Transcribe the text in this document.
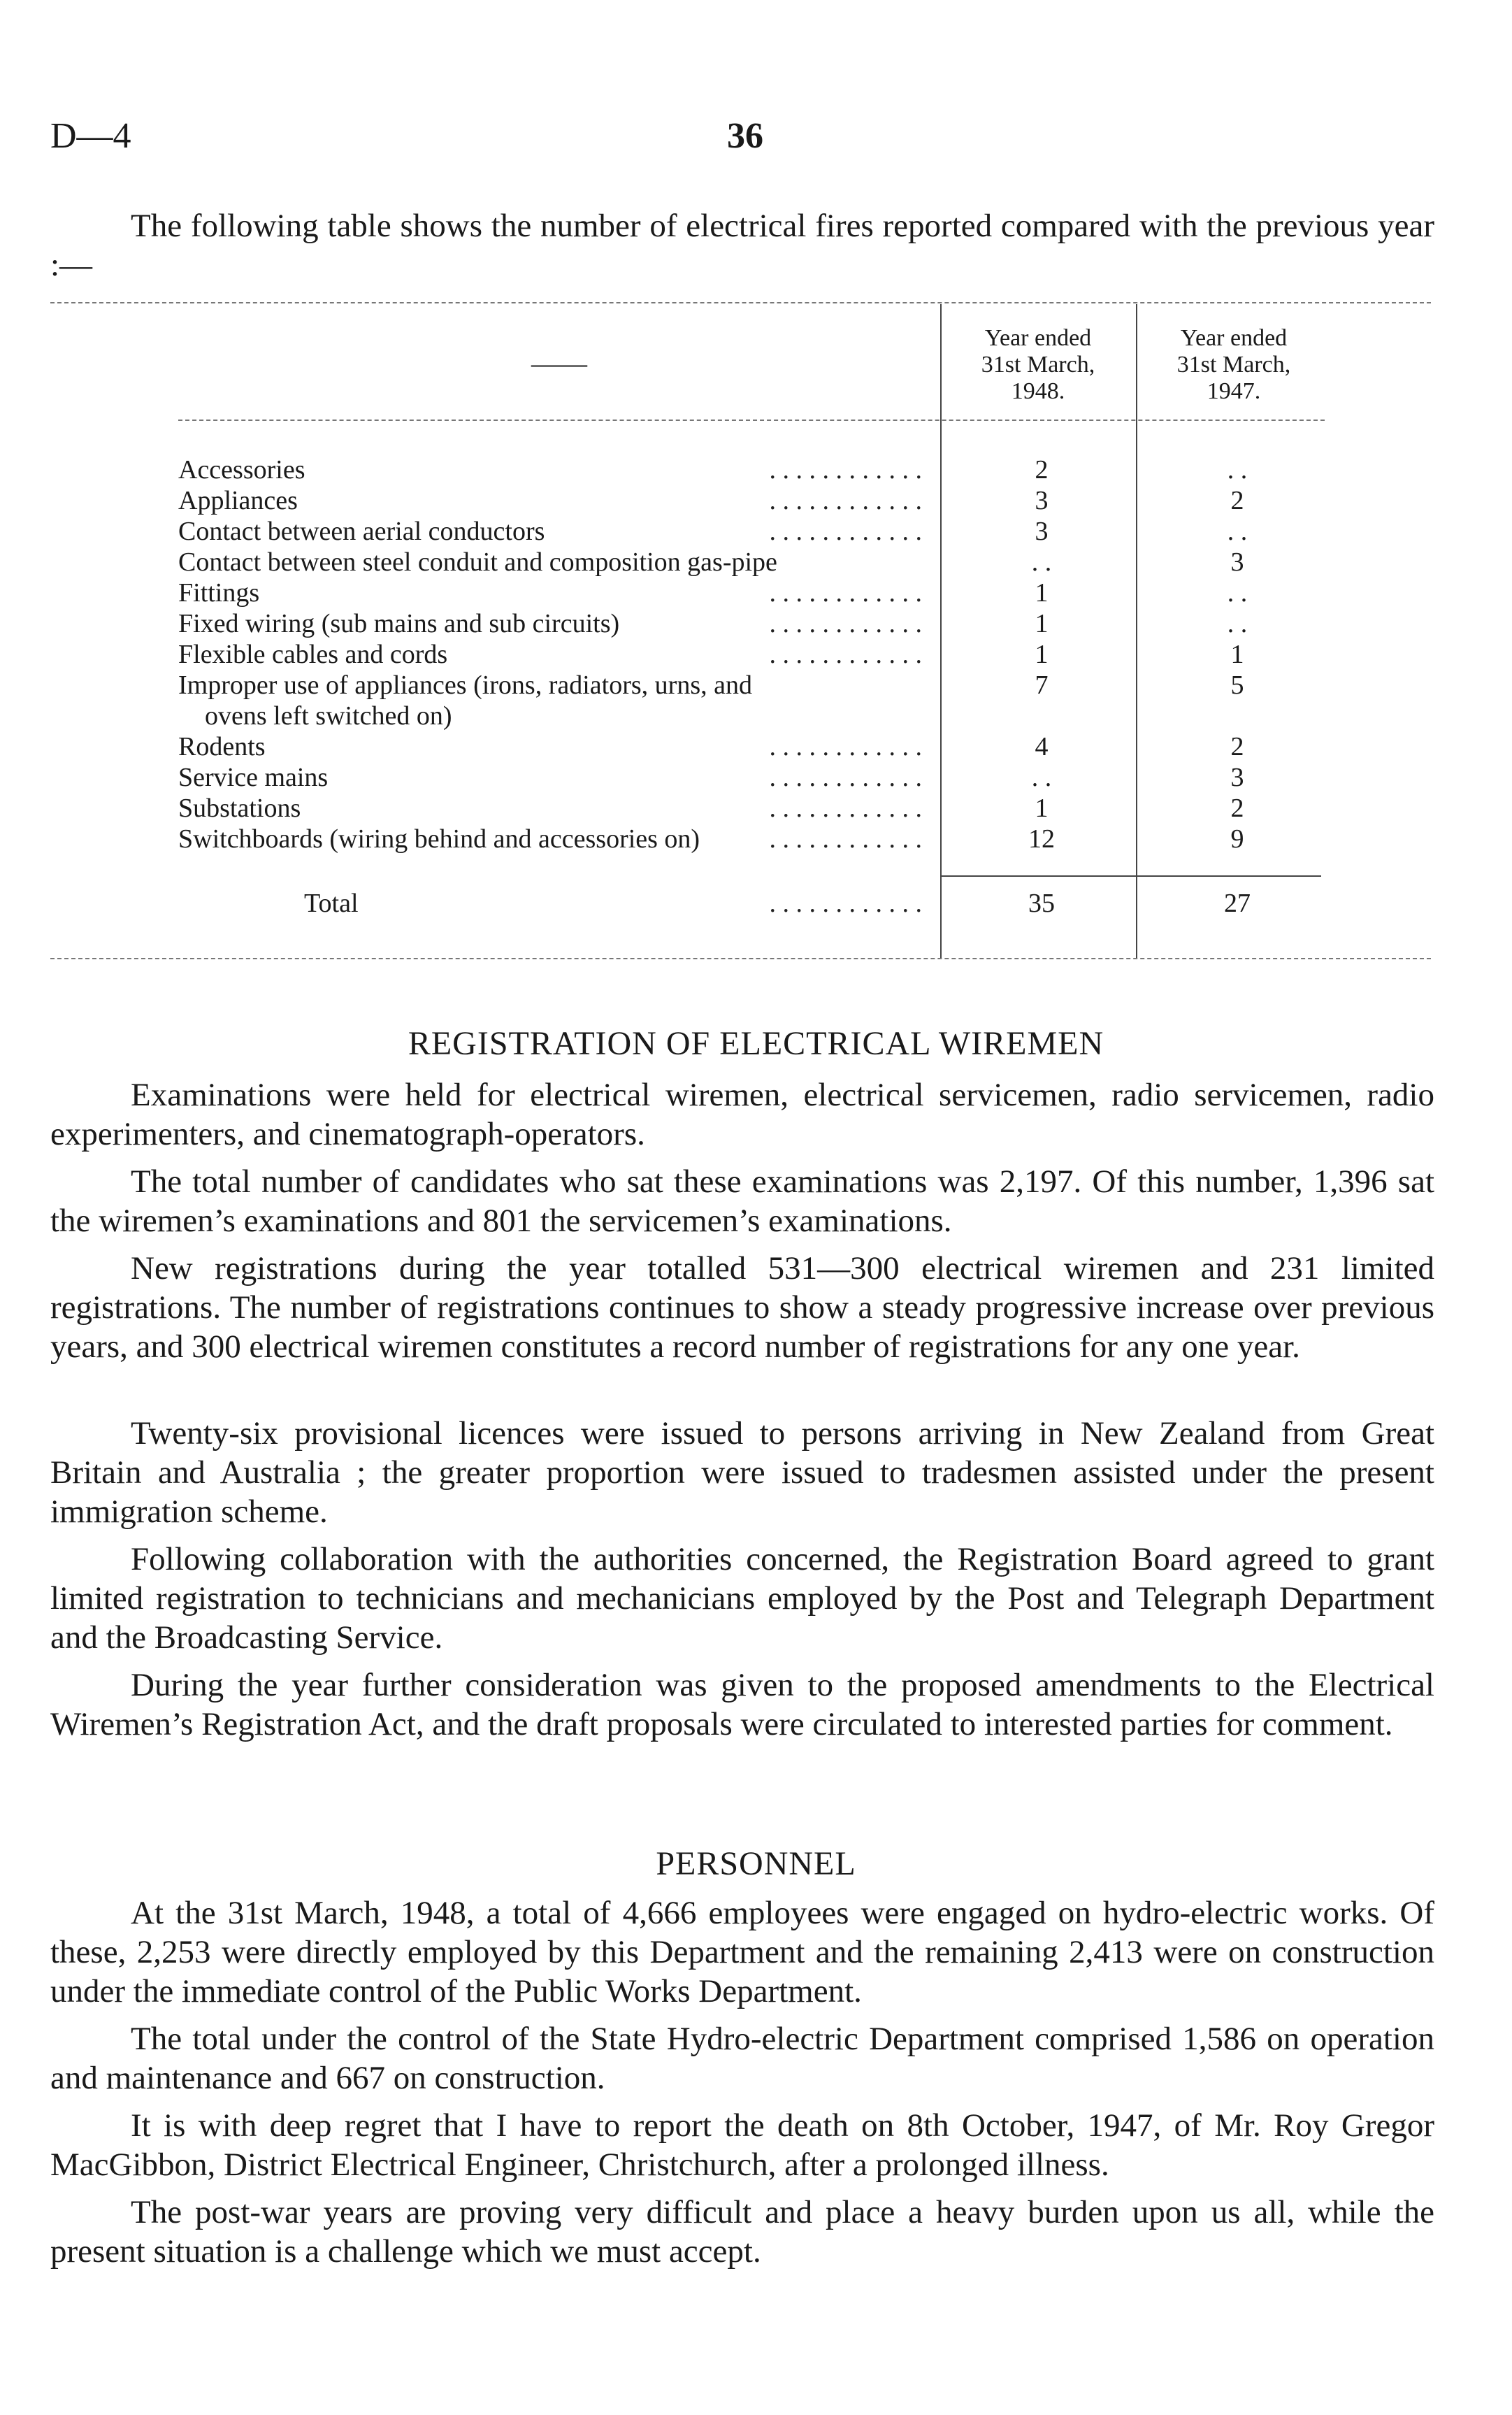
D—4	36

The following table shows the number of electrical fires reported compared with the previous year :—

——
Year ended
31st March,
1948.
Year ended
31st March,
1947.
. . . . . . . . . . . .
Accessories	2	. .
. . . . . . . . . . . .
Appliances	3	2
. . . . . . . . . . . .
Contact between aerial conductors	3	. .
Contact between steel conduit and composition gas-pipe	. .	3
. . . . . . . . . . . .
Fittings	1	. .
. . . . . . . . . . . .
Fixed wiring (sub mains and sub circuits)	1	. .
. . . . . . . . . . . .
Flexible cables and cords	1	1
Improper use of appliances (irons, radiators, urns, and
ovens left switched on)
7	5
. . . . . . . . . . . .
Rodents	4	2
. . . . . . . . . . . .
Service mains	. .	3
. . . . . . . . . . . .
Substations	1	2
. . . . . . . . . . . .
Switchboards (wiring behind and accessories on)	12	9
. . . . . . . . . . . .
Total	35	27
REGISTRATION OF ELECTRICAL WIREMEN

Examinations were held for electrical wiremen, electrical servicemen, radio servicemen, radio experimenters, and cinematograph-operators.

The total number of candidates who sat these examinations was 2,197. Of this number, 1,396 sat the wiremen’s examinations and 801 the servicemen’s examinations.

New registrations during the year totalled 531—300 electrical wiremen and 231 limited registrations. The number of registrations continues to show a steady progressive increase over previous years, and 300 electrical wiremen constitutes a record number of registrations for any one year.

Twenty-six provisional licences were issued to persons arriving in New Zealand from Great Britain and Australia ; the greater proportion were issued to tradesmen assisted under the present immigration scheme.

Following collaboration with the authorities concerned, the Registration Board agreed to grant limited registration to technicians and mechanicians employed by the Post and Telegraph Department and the Broadcasting Service.

During the year further consideration was given to the proposed amendments to the Electrical Wiremen’s Registration Act, and the draft proposals were circulated to interested parties for comment.

PERSONNEL

At the 31st March, 1948, a total of 4,666 employees were engaged on hydro-electric works. Of these, 2,253 were directly employed by this Department and the remaining 2,413 were on construction under the immediate control of the Public Works Department.

The total under the control of the State Hydro-electric Department comprised 1,586 on operation and maintenance and 667 on construction.

It is with deep regret that I have to report the death on 8th October, 1947, of Mr. Roy Gregor MacGibbon, District Electrical Engineer, Christchurch, after a prolonged illness.

The post-war years are proving very difficult and place a heavy burden upon us all, while the present situation is a challenge which we must accept.
